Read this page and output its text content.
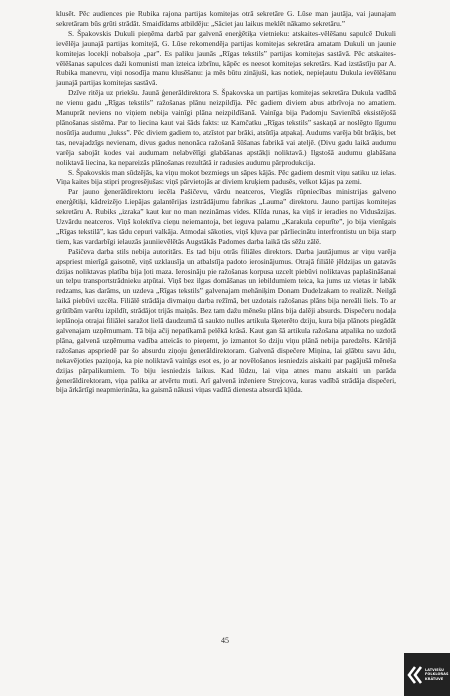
klusēt. Pēc audiences pie Rubika rajona partijas komitejas otrā sekretāre G. Lūse man jautāja, vai jaunajam sekretāram būs grūti strādāt. Smaidīdams atbildēju: „Sāciet jau laikus meklēt nākamo sekretāru.”

S. Špakovskis Dukuli pieņēma darbā par galvenā enerģētiķa vietnieku: atskaites-vēlēšanu sapulcē Dukuli ievēlēja jaunajā partijas komitejā, G. Lūse rekomendēja partijas komitejas sekretāra amatam Dukuli un jaunie komitejas locekļi nobalsoja „par”. Es paliku jaunās „Rīgas tekstils” partijas komitejas sastāvā. Pēc atskaites-vēlēšanas sapulces daži komunisti man izteica izbrīnu, kāpēc es neesot komitejas sekretārs. Kad izstāstīju par A. Rubika manevru, viņi nosodīja manu klusēšanu: ja mēs būtu zinājuši, kas notiek, nepieļautu Dukula ievēlēšanu jaunajā partijas komitejas sastāvā.

Dzīve ritēja uz priekšu. Jaunā ģenerāldirektora S. Špakovska un partijas komitejas sekretāra Dukula vadībā ne vienu gadu „Rīgas tekstils” ražošanas plānu neizpildīja. Pēc gadiem diviem abus atbrīvoja no amatiem. Manuprāt neviens no viņiem nebija vainīgi plāna neizpildīšanā. Vainīga bija Padomju Savienībā eksistējošā plānošanas sistēma. Par to liecina kaut vai šāds fakts: uz Kamčatku „Rīgas tekstils” saskaņā ar noslēgto līgumu nosūtīja audumu „lukss”. Pēc diviem gadiem to, atzīstot par brāki, atsūtīja atpakaļ. Audums varēja būt brāķis, bet tas, nevajadzīgs nevienam, divus gadus nenonāca ražošanā šūšanas fabrikā vai ateljē. (Divu gadu laikā audumu varēja sabojāt kodes vai audumam nelabvēlīgi glabāšanas apstākļi noliktavā.) Ilgstošā audumu glabāšana noliktavā liecina, ka nepareizās plānošanas rezultātā ir radusies audumu pārprodukcija.

S. Špakovskis man sūdzējās, ka viņu mokot bezmiegs un sāpes kājās. Pēc gadiem desmit viņu satiku uz ielas. Viņa kaites bija stipri progresējušas: viņš pārvietojās ar diviem kruķiem padusēs, velkot kājas pa zemi.

Par jauno ģenerāldirektoru iecēla Pašičevu, vārdu neatceros, Vieglās rūpniecības ministrijas galveno enerģētiķi, kādreizējo Liepājas galantērijas izstrādājumu fabrikas „Lauma” direktoru. Jauno partijas komitejas sekretāru A. Rubiks „izraka” kaut kur no man nezināmas vides. Klīda runas, ka viņš ir ieradies no Vidusāzijas. Uzvārdu neatceros. Viņš kolektīva cieņu neiemantoja, bet ieguva palamu „Karakula cepurīte”, jo bija vienīgais „Rīgas tekstilā”, kas tādu cepuri valkāja. Atmodai sākoties, viņš kļuva par pārliecinātu interfrontistu un bija starp tiem, kas vardarbīgi ielauzās jauniievēlētās Augstākās Padomes darba laikā tās sēžu zālē.

Pašičeva darba stils nebija autoritārs. Es tad biju otrās filiāles direktors. Darba jautājumus ar viņu varēja apspriest mierīgā gaisotnē, viņš uzklausīja un atbalstīja padoto ierosinājumus. Otrajā filiālē jēldzijas un gatavās dzijas noliktavas platība bija ļoti maza. Ierosināju pie ražošanas korpusa uzcelt piebūvi noliktavas paplašināšanai un telpu transportstrādnieku atpūtai. Viņš bez ilgas domāšanas un iebildumiem teica, ka jums uz vietas ir labāk redzams, kas darāms, un uzdeva „Rīgas tekstils” galvenajam mehāniķim Donam Dudelzakam to realizēt. Neilgā laikā piebūvi uzcēla. Filiālē strādāja divmaiņu darba režīmā, bet uzdotais ražošanas plāns bija nereāli liels. To ar grūtībām varētu izpildīt, strādājot trijās maiņās. Bez tam dažu mēnešu plāns bija dalēji absurds. Dispečeru nodaļa ieplānoja otrajai filiālei saražot lielā daudzumā tā saukto nulles artikula šķeterēto dziju, kura bija plānots piegādāt galvenajam uzņēmumam. Tā bija ačij nepatīkamā pelēkā krāsā. Kaut gan šā artikula ražošana atpalika no uzdotā plāna, galvenā uzņēmuma vadība atteicās to pieņemt, jo izmantot šo dziju viņu plānā nebija paredzēts. Kārtējā ražošanas apspriedē par šo absurdu ziņoju ģenerāldirektoram. Galvenā dispečere Miņina, lai glābtu savu ādu, nekavējoties paziņoja, ka pie noliktavā vainīgs esot es, jo ar novēlošanos iesniedzis aiskaiti par pagājušā mēneša dzijas pārpalikumiem. To biju iesniedzis laikus. Kad lūdzu, lai viņa atnes manu atskaiti un parāda ģenerāldirektoram, viņa palika ar atvērtu muti. Arī galvenā inženiere Strejcova, kuras vadībā strādāja dispečeri, bija ārkārtīgi neapmierināta, ka gaismā nākusi viņas vadītā dienesta absurdā kļūda.

45
LATVIEŠU
FOLKLORAS
KRĀTUVE
